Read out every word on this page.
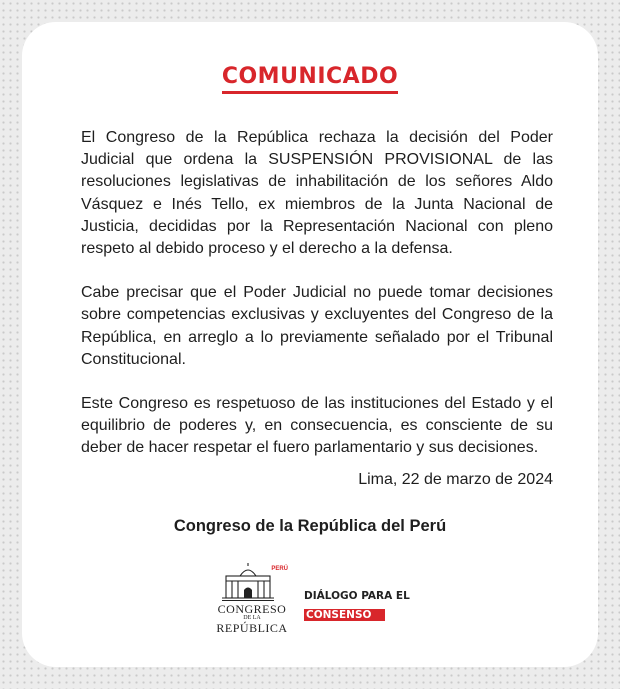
COMUNICADO

El Congreso de la República rechaza la decisión del Poder Judicial que ordena la SUSPENSIÓN PROVISIONAL de las resoluciones legislativas de inhabilitación de los señores Aldo Vásquez e Inés Tello, ex miembros de la Junta Nacional de Justicia, decididas por la Representación Nacional con pleno respeto al debido proceso y el derecho a la defensa.

Cabe precisar que el Poder Judicial no puede tomar decisiones sobre competencias exclusivas y excluyentes del Congreso de la República, en arreglo a lo previamente señalado por el Tribunal Constitucional.

Este Congreso es respetuoso de las instituciones del Estado y el equilibrio de poderes y, en consecuencia, es consciente de su deber de hacer respetar el fuero parlamentario y sus decisiones.

Lima, 22 de marzo de 2024
Congreso de la República del Perú
PERÚ
CONGRESO
DE LA
REPÚBLICA
DIÁLOGO PARA EL
CONSENSO
